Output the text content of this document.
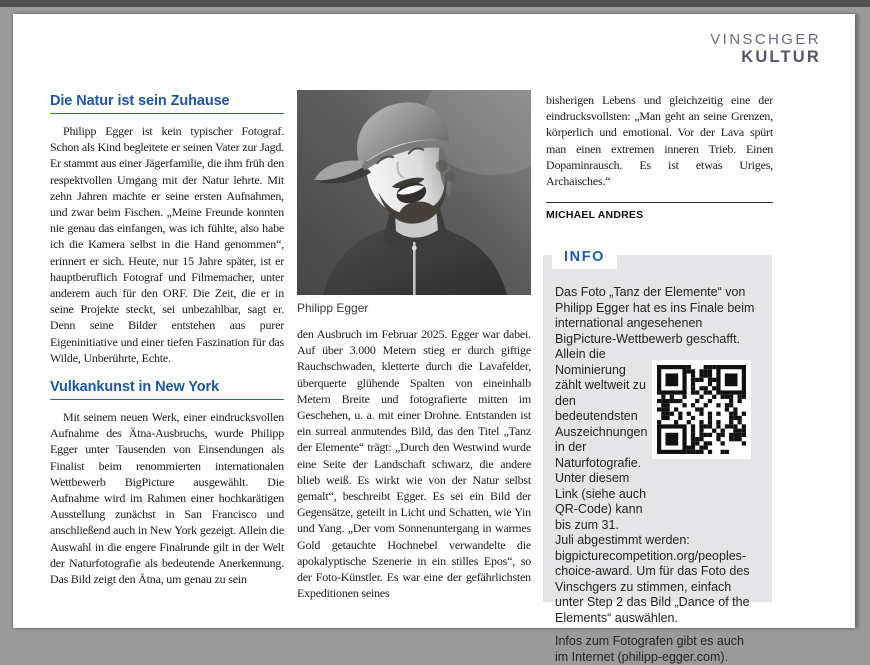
VINSCHGER
KULTUR
Die Natur ist sein Zuhause

Philipp Egger ist kein typischer Fotograf. Schon als Kind begleitete er seinen Vater zur Jagd. Er stammt aus einer Jägerfamilie, die ihm früh den respektvollen Umgang mit der Natur lehrte. Mit zehn Jahren machte er seine ersten Aufnahmen, und zwar beim Fischen. „Meine Freunde konnten nie genau das einfangen, was ich fühlte, also habe ich die Kamera selbst in die Hand genommen“, erinnert er sich. Heute, nur 15 Jahre später, ist er hauptberuflich Fotograf und Filmemacher, unter anderem auch für den ORF. Die Zeit, die er in seine Projekte steckt, sei unbezahlbar, sagt er. Denn seine Bilder entstehen aus purer Eigeninitiative und einer tiefen Faszination für das Wilde, Unberührte, Echte.

Vulkankunst in New York

Mit seinem neuen Werk, einer eindrucksvollen Aufnahme des Ätna-Ausbruchs, wurde Philipp Egger unter Tausenden von Einsendungen als Finalist beim renommierten internationalen Wettbewerb BigPicture ausgewählt. Die Aufnahme wird im Rahmen einer hochkarätigen Ausstellung zunächst in San Francisco und anschließend auch in New York gezeigt. Allein die Auswahl in die engere Finalrunde gilt in der Welt der Naturfotografie als bedeutende Anerkennung. Das Bild zeigt den Ätna, um genau zu sein

Philipp Egger

den Ausbruch im Februar 2025. Egger war dabei. Auf über 3.000 Metern stieg er durch giftige Rauchschwaden, kletterte durch die Lavafelder, überquerte glühende Spalten von eineinhalb Metern Breite und fotografierte mitten im Geschehen, u. a. mit einer Drohne. Entstanden ist ein surreal anmutendes Bild, das den Titel „Tanz der Elemente“ trägt: „Durch den Westwind wurde eine Seite der Landschaft schwarz, die andere blieb weiß. Es wirkt wie von der Natur selbst gemalt“, beschreibt Egger. Es sei ein Bild der Gegensätze, geteilt in Licht und Schatten, wie Yin und Yang. „Der vom Sonnenuntergang in warmes Gold getauchte Hochnebel verwandelte die apokalyptische Szenerie in ein stilles Epos“, so der Foto-Künstler. Es war eine der gefährlichsten Expeditionen seines

bisherigen Lebens und gleichzeitig eine der eindrucksvollsten: „Man geht an seine Grenzen, körperlich und emotional. Vor der Lava spürt man einen extremen inneren Trieb. Einen Dopaminrausch. Es ist etwas Uriges, Archaisches.“

MICHAEL ANDRES
INFO
Das Foto „Tanz der Elemente“ von Philipp Egger hat es ins Finale beim international angesehenen BigPicture-Wettbewerb geschafft.
Allein die Nominierung zählt weltweit zu den bedeutendsten Auszeichnungen in der Naturfotografie. Unter diesem Link (siehe auch QR-Code) kann bis zum 31.
Juli abgestimmt werden: bigpicturecompetition.org/peoples-choice-award. Um für das Foto des Vinschgers zu stimmen, einfach unter Step 2 das Bild „Dance of the Elements“ auswählen.
Infos zum Fotografen gibt es auch im Internet (philipp-egger.com).
